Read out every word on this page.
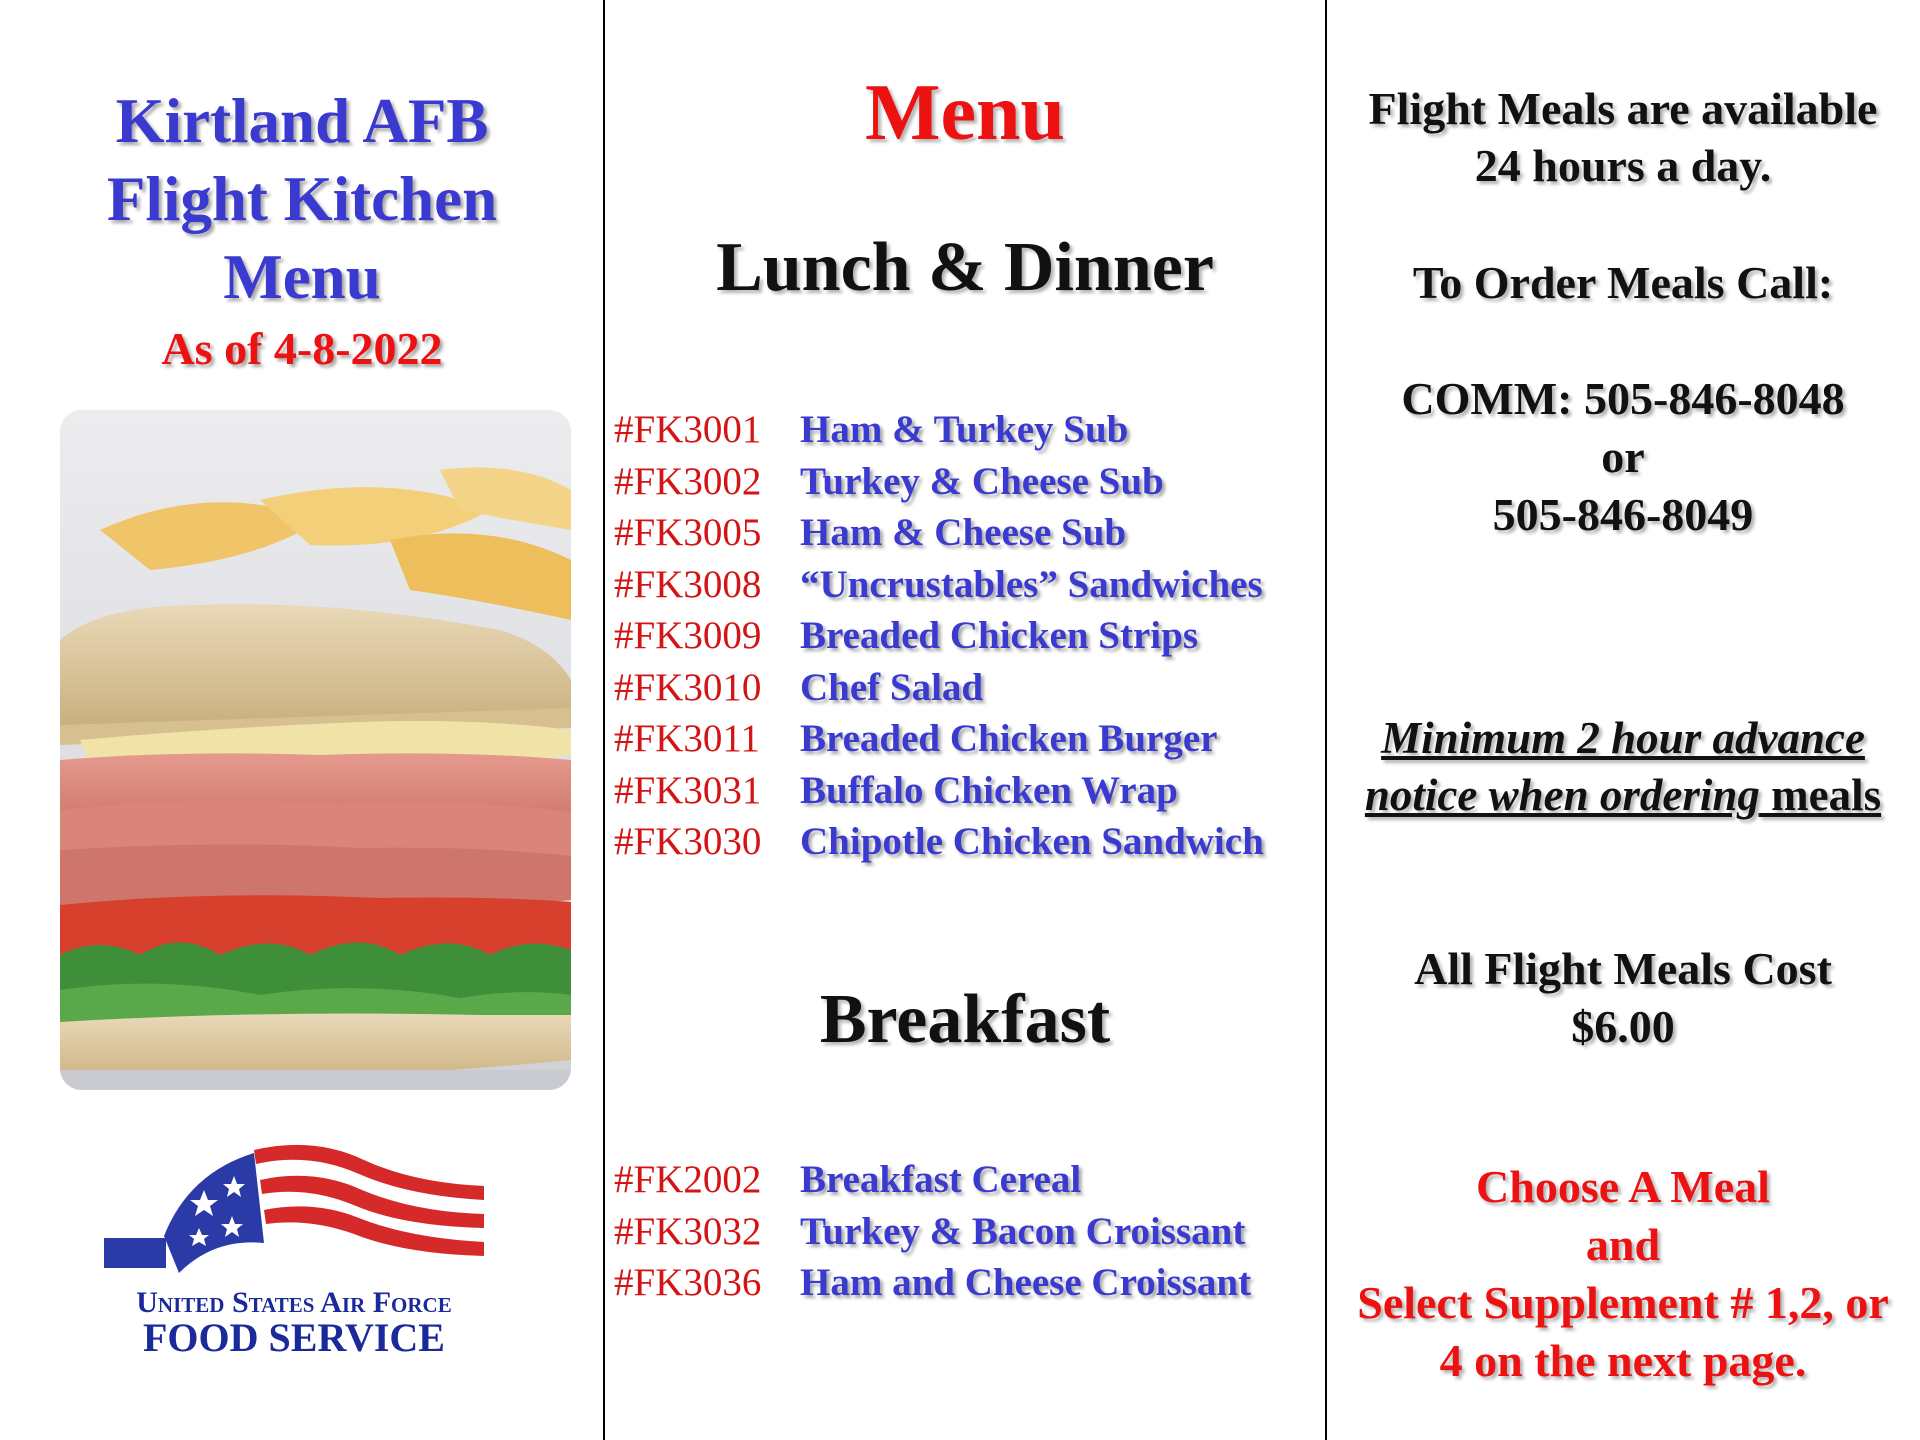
Kirtland AFB
Flight Kitchen
Menu
As of 4-8-2022
United States Air Force
FOOD SERVICE
Menu
Lunch & Dinner
#FK3001 Ham & Turkey Sub
#FK3002 Turkey & Cheese Sub
#FK3005 Ham & Cheese Sub
#FK3008 “Uncrustables” Sandwiches
#FK3009 Breaded Chicken Strips
#FK3010 Chef Salad
#FK3011 Breaded Chicken Burger
#FK3031 Buffalo Chicken Wrap
#FK3030 Chipotle Chicken Sandwich
Breakfast
#FK2002 Breakfast Cereal
#FK3032 Turkey & Bacon Croissant
#FK3036 Ham and Cheese Croissant
Flight Meals are available
24 hours a day.
To Order Meals Call:
COMM: 505-846-8048
or
505-846-8049
Minimum 2 hour advance
notice when ordering meals
All Flight Meals Cost
$6.00
Choose A Meal
and
Select Supplement # 1,2, or
4 on the next page.
